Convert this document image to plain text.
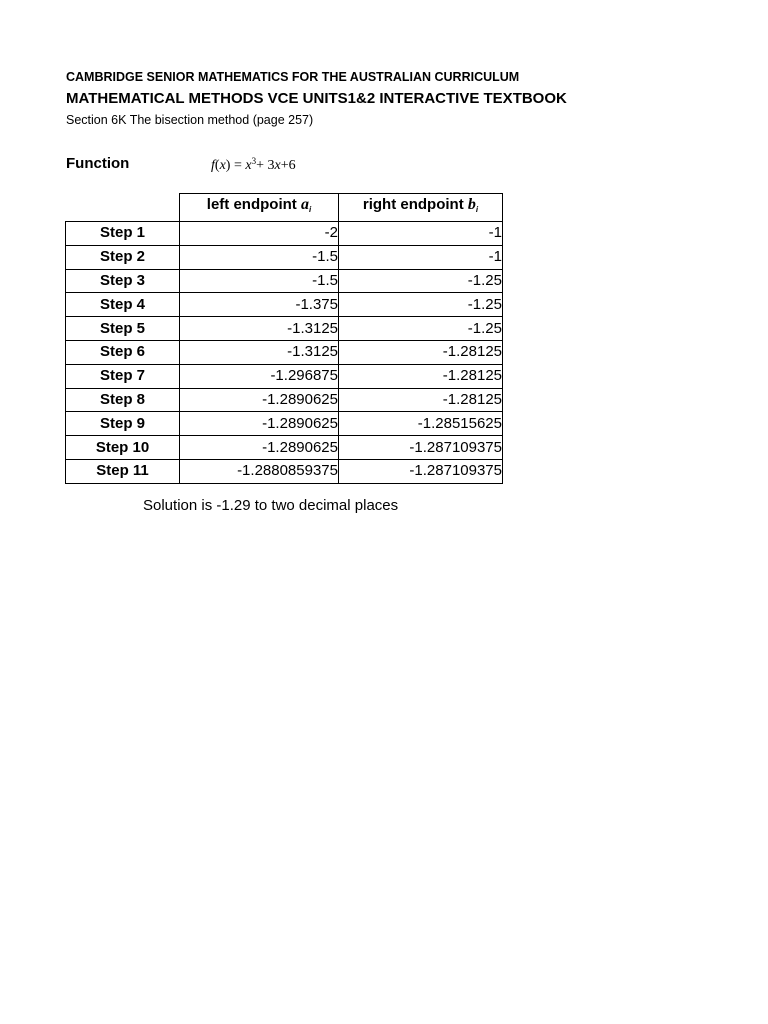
CAMBRIDGE SENIOR MATHEMATICS FOR THE AUSTRALIAN CURRICULUM
MATHEMATICAL METHODS VCE UNITS1&2 INTERACTIVE TEXTBOOK
Section 6K The bisection method (page 257)
Function	$f(x) = x^3+ 3x+6$
	left endpoint $a_i$	right endpoint $b_i$
Step 1	-2	-1
Step 2	-1.5	-1
Step 3	-1.5	-1.25
Step 4	-1.375	-1.25
Step 5	-1.3125	-1.25
Step 6	-1.3125	-1.28125
Step 7	-1.296875	-1.28125
Step 8	-1.2890625	-1.28125
Step 9	-1.2890625	-1.28515625
Step 10	-1.2890625	-1.287109375
Step 11	-1.2880859375	-1.287109375
Solution is -1.29 to two decimal places
